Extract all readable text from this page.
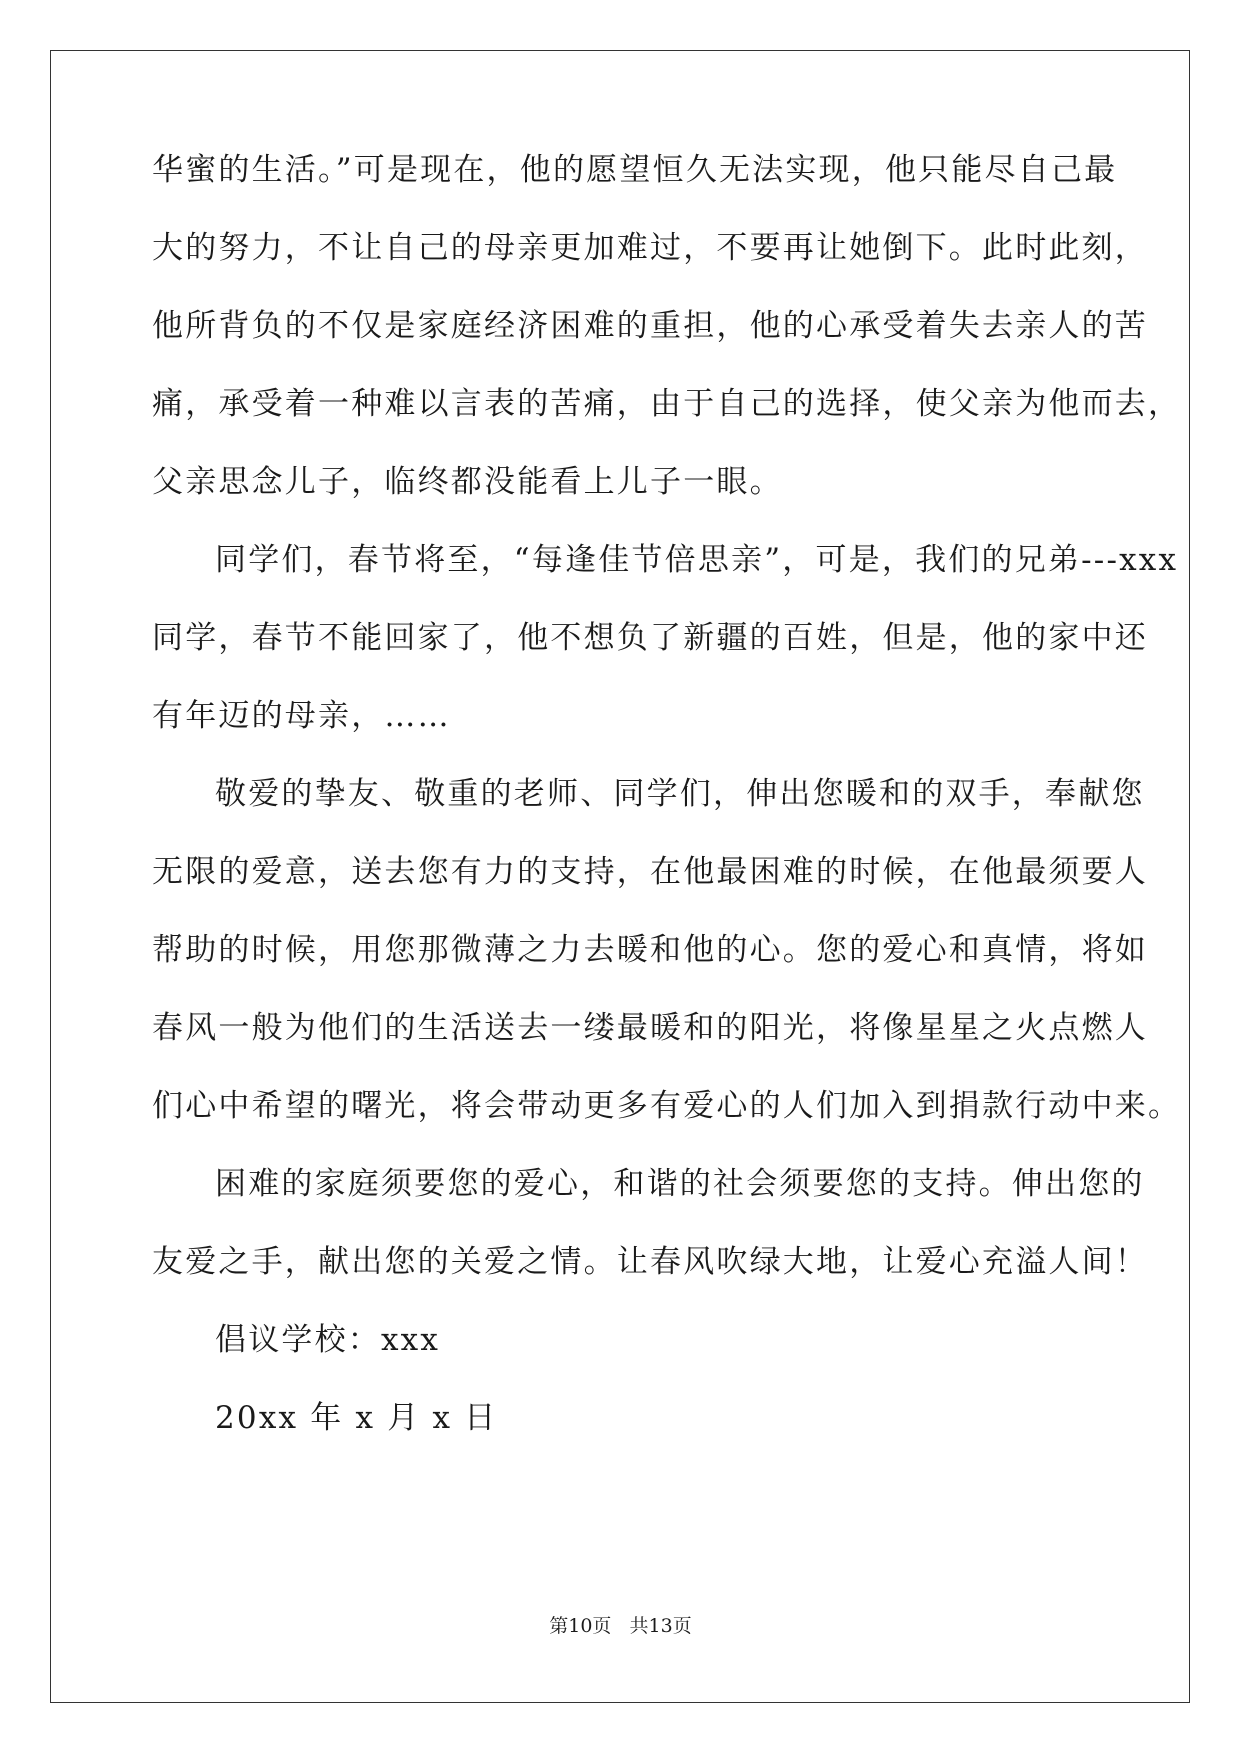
华蜜的生活。”可是现在，他的愿望恒久无法实现，他只能尽自己最
大的努力，不让自己的母亲更加难过，不要再让她倒下。此时此刻，
他所背负的不仅是家庭经济困难的重担，他的心承受着失去亲人的苦
痛，承受着一种难以言表的苦痛，由于自己的选择，使父亲为他而去，
父亲思念儿子，临终都没能看上儿子一眼。
同学们，春节将至，“每逢佳节倍思亲”，可是，我们的兄弟---xxx
同学，春节不能回家了，他不想负了新疆的百姓，但是，他的家中还
有年迈的母亲，……
敬爱的挚友、敬重的老师、同学们，伸出您暖和的双手，奉献您
无限的爱意，送去您有力的支持，在他最困难的时候，在他最须要人
帮助的时候，用您那微薄之力去暖和他的心。您的爱心和真情，将如
春风一般为他们的生活送去一缕最暖和的阳光，将像星星之火点燃人
们心中希望的曙光，将会带动更多有爱心的人们加入到捐款行动中来。
困难的家庭须要您的爱心，和谐的社会须要您的支持。伸出您的
友爱之手，献出您的关爱之情。让春风吹绿大地，让爱心充溢人间！
倡议学校：xxx
20xx 年 x 月 x 日
第10页   共13页
